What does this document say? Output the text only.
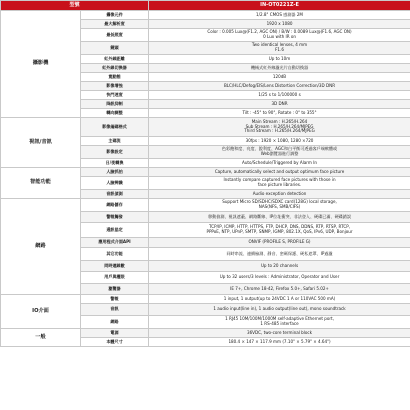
型號		IN-OT0221Z-E
攝影機	攝像元件	1/2.8" CMOS 感測器 2M

	最大解析度	1920 x 1080

	最低照度	Color : 0.005 Lux@(F1.2, AGC ON) / B/W : 0.0089 Lux@(F1.6, AGC ON)
0 Lux with IR on

	鏡頭	Two identical lenses, 4 mm
F1.6

	紅外線距離	Up to 10m

	紅外線切換器	機械式紅外線濾光片自動切換器

	寬動態	120dB

	影像增強	BLC/HLC/Defog/EIS/Lens Distortion Correction/3D DNR

	快門速度	1/25 s to 1/100000 s

	降訊抑制	3D DNR

	轉向調整	Tilt : -45° to 90°, Rotate : 0° to 355°

視訊/音訊	影像編碼格式	Main Stream : H.265/H.264
Sub Stream : H.265/H.264/MJPEG
Third Stream : H.265/H.264/MJPEG

	主碼流	30fps : 1920 × 1080, 1280 ×720

	影像設定	色彩飽和度、亮度、銳利度、AGC和白平衡可透過客戶端軟體或
Web瀏覽器進行調整

	日/夜轉換	Auto/Schedule/Triggered by Alarm In

智能功能	人臉抓拍	Capture, automatically select and output optimum face picture

	人臉辨識	Instantly compare captured face pictures with those in
face picture libraries.

	音訊偵測	Audio exception detection

網路	網路儲存	Support Micro SD/SDHC/SDXC card(128G) local storage,
NAS(NFS, SMB/CIFS)

	警報觸發	移動偵測、視訊遮蔽、網路斷線、IP位址衝突、非法登入、硬碟已滿、硬碟錯誤

	通訊協定	TCP/IP, ICMP, HTTP, HTTPS, FTP, DHCP, DNS, DDNS, RTP, RTSP, RTCP,
PPPoE, NTP, UPnP, SMTP, SNMP, IGMP, 802.1X, QoS, IPv6, UDP, Bonjour

	應用程式介面API	ONVIF (PROFILE S, PROFILE G)

	其它功能	同時串流、連續檢測、靜音、密碼保護、硬私遮罩、IP過濾

	同時連線數	Up to 20 channels

	用戶與權限	Up to 32 users/3 levels : Administrator, Operator and User

	瀏覽器	IE 7+, Chrome 18-42, Firefox 5.0+, Safari 5.02+

IO介面	警報	1 input, 1 output(up to 24VDC 1 A or 110VAC 500 mA)

	音訊	1 audio input(line in), 1 audio output(line out), mono soundtrack

	網路	1 RJ45 10M/100M/1000M self-adaptive Ethernet port,
1 RS-485 interface

一般	電源	36VDC, two-core terminal block

	本體尺寸	180.4 × 147 × 117.9 mm (7.10" × 5.79" × 4.64")
